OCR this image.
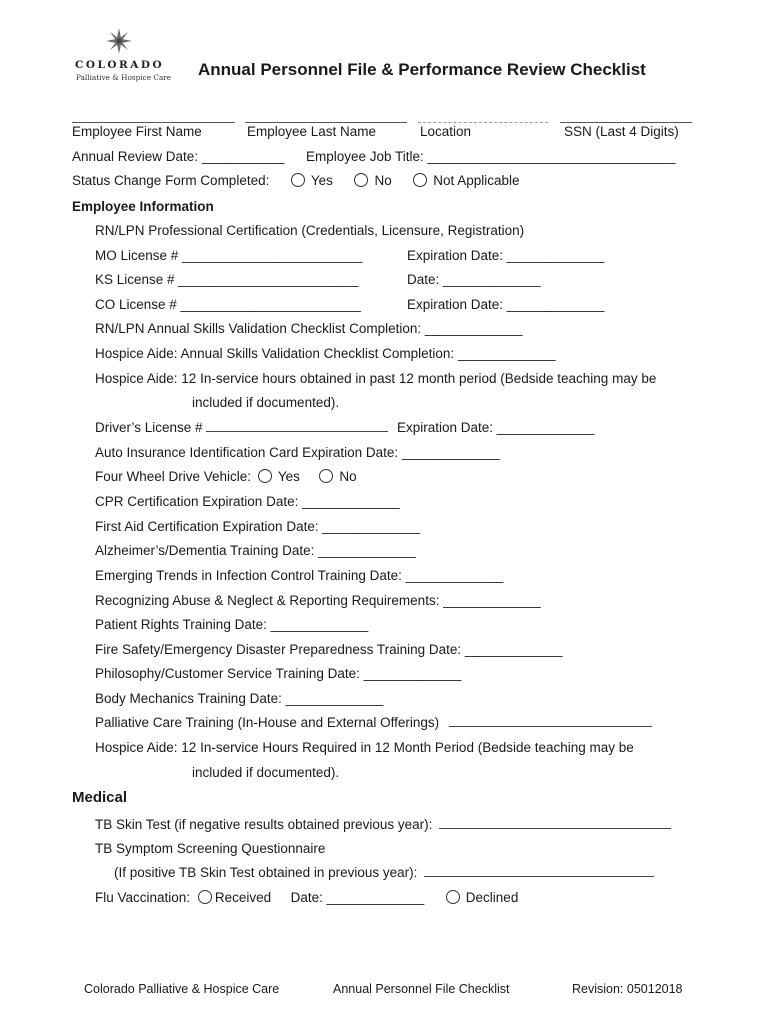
COLORADO
Palliative & Hospice Care Annual Personnel File & Performance Review Checklist
Employee First Name	Employee Last Name	Location	SSN (Last 4 Digits)
Annual Review Date: ___________ Employee Job Title: _________________________________
Status Change Form Completed:	Yes	No	Not Applicable
Employee Information
RN/LPN Professional Certification (Credentials, Licensure, Registration)
MO License # ________________________	Expiration Date: _____________
KS License # ________________________	Date: _____________
CO License # ________________________	Expiration Date: _____________
RN/LPN Annual Skills Validation Checklist Completion: _____________
Hospice Aide: Annual Skills Validation Checklist Completion: _____________
Hospice Aide: 12 In-service hours obtained in past 12 month period (Bedside teaching may be
included if documented).
Driver’s License #	Expiration Date: _____________
Auto Insurance Identification Card Expiration Date: _____________
Four Wheel Drive Vehicle: Yes	No
CPR Certification Expiration Date: _____________
First Aid Certification Expiration Date: _____________
Alzheimer’s/Dementia Training Date: _____________
Emerging Trends in Infection Control Training Date: _____________
Recognizing Abuse & Neglect & Reporting Requirements: _____________
Patient Rights Training Date: _____________
Fire Safety/Emergency Disaster Preparedness Training Date: _____________
Philosophy/Customer Service Training Date: _____________
Body Mechanics Training Date: _____________
Palliative Care Training (In-House and External Offerings)
Hospice Aide: 12 In-service Hours Required in 12 Month Period (Bedside teaching may be
included if documented).
Medical
TB Skin Test (if negative results obtained previous year):
TB Symptom Screening Questionnaire
(If positive TB Skin Test obtained in previous year):
Flu Vaccination: Received Date: _____________	Declined
Colorado Palliative & Hospice Care	Annual Personnel File Checklist	Revision: 05012018
